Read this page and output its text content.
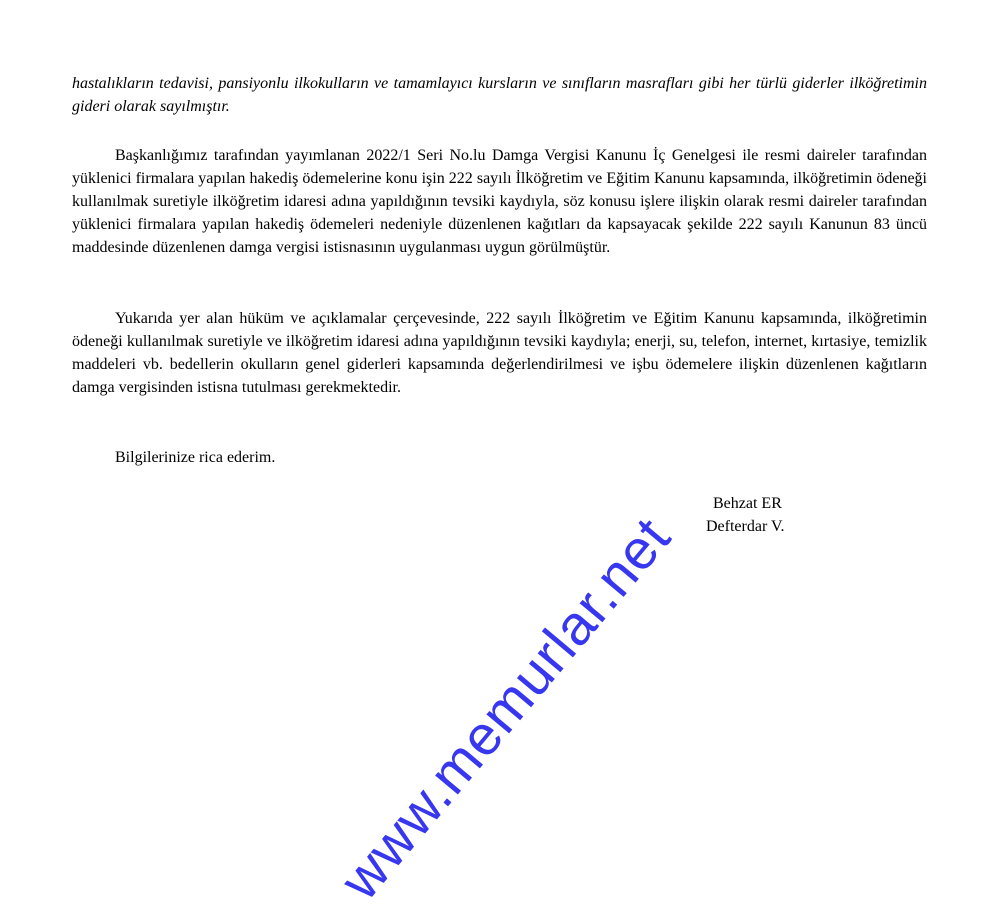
hastalıkların tedavisi, pansiyonlu ilkokulların ve tamamlayıcı kursların ve sınıfların masrafları gibi her türlü giderler ilköğretimin gideri olarak sayılmıştır.

Başkanlığımız tarafından yayımlanan 2022/1 Seri No.lu Damga Vergisi Kanunu İç Genelgesi ile resmi daireler tarafından yüklenici firmalara yapılan hakediş ödemelerine konu işin 222 sayılı İlköğretim ve Eğitim Kanunu kapsamında, ilköğretimin ödeneği kullanılmak suretiyle ilköğretim idaresi adına yapıldığının tevsiki kaydıyla, söz konusu işlere ilişkin olarak resmi daireler tarafından yüklenici firmalara yapılan hakediş ödemeleri nedeniyle düzenlenen kağıtları da kapsayacak şekilde 222 sayılı Kanunun 83 üncü maddesinde düzenlenen damga vergisi istisnasının uygulanması uygun görülmüştür.

Yukarıda yer alan hüküm ve açıklamalar çerçevesinde, 222 sayılı İlköğretim ve Eğitim Kanunu kapsamında, ilköğretimin ödeneği kullanılmak suretiyle ve ilköğretim idaresi adına yapıldığının tevsiki kaydıyla; enerji, su, telefon, internet, kırtasiye, temizlik maddeleri vb. bedellerin okulların genel giderleri kapsamında değerlendirilmesi ve işbu ödemelere ilişkin düzenlenen kağıtların damga vergisinden istisna tutulması gerekmektedir.

Bilgilerinize rica ederim.

Behzat ER
Defterdar V.
www.memurlar.net
